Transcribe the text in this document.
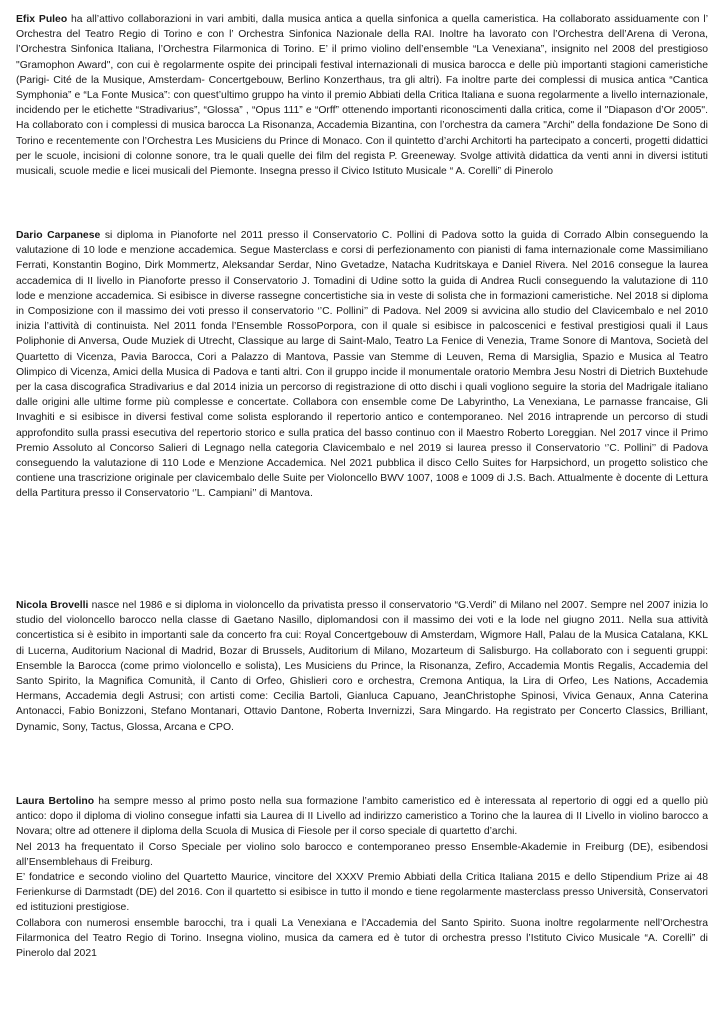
Efix Puleo ha all’attivo collaborazioni in vari ambiti, dalla musica antica a quella sinfonica a quella cameristica. Ha collaborato assiduamente con l’ Orchestra del Teatro Regio di Torino e con l’ Orchestra Sinfonica Nazionale della RAI. Inoltre ha lavorato con l’Orchestra dell’Arena di Verona, l’Orchestra Sinfonica Italiana, l’Orchestra Filarmonica di Torino. E’ il primo violino dell’ensemble “La Venexiana”, insignito nel 2008 del prestigioso "Gramophon Award", con cui è regolarmente ospite dei principali festival internazionali di musica barocca e delle più importanti stagioni cameristiche (Parigi- Cité de la Musique, Amsterdam- Concertgebouw, Berlino Konzerthaus, tra gli altri). Fa inoltre parte dei complessi di musica antica “Cantica Symphonia” e “La Fonte Musica”: con quest’ultimo gruppo ha vinto il premio Abbiati della Critica Italiana e suona regolarmente a livello internazionale, incidendo per le etichette “Stradivarius”, “Glossa” , “Opus 111” e “Orff” ottenendo importanti riconoscimenti dalla critica, come il "Diapason d’Or 2005". Ha collaborato con i complessi di musica barocca La Risonanza, Accademia Bizantina, con l’orchestra da camera "Archi" della fondazione De Sono di Torino e recentemente con l’Orchestra Les Musiciens du Prince di Monaco. Con il quintetto d’archi Architorti ha partecipato a concerti, progetti didattici per le scuole, incisioni di colonne sonore, tra le quali quelle dei film del regista P. Greeneway. Svolge attività didattica da venti anni in diversi istituti musicali, scuole medie e licei musicali del Piemonte. Insegna presso il Civico Istituto Musicale “ A. Corelli” di Pinerolo

Dario Carpanese si diploma in Pianoforte nel 2011 presso il Conservatorio C. Pollini di Padova sotto la guida di Corrado Albin conseguendo la valutazione di 10 lode e menzione accademica. Segue Masterclass e corsi di perfezionamento con pianisti di fama internazionale come Massimiliano Ferrati, Konstantin Bogino, Dirk Mommertz, Aleksandar Serdar, Nino Gvetadze, Natacha Kudritskaya e Daniel Rivera. Nel 2016 consegue la laurea accademica di II livello in Pianoforte presso il Conservatorio J. Tomadini di Udine sotto la guida di Andrea Rucli conseguendo la valutazione di 110 lode e menzione accademica. Si esibisce in diverse rassegne concertistiche sia in veste di solista che in formazioni cameristiche. Nel 2018 si diploma in Composizione con il massimo dei voti presso il conservatorio ‘’C. Pollini’’ di Padova. Nel 2009 si avvicina allo studio del Clavicembalo e nel 2010 inizia l’attività di continuista. Nel 2011 fonda l’Ensemble RossoPorpora, con il quale si esibisce in palcoscenici e festival prestigiosi quali il Laus Poliphonie di Anversa, Oude Muziek di Utrecht, Classique au large di Saint-Malo, Teatro La Fenice di Venezia, Trame Sonore di Mantova, Società del Quartetto di Vicenza, Pavia Barocca, Cori a Palazzo di Mantova, Passie van Stemme di Leuven, Rema di Marsiglia, Spazio e Musica al Teatro Olimpico di Vicenza, Amici della Musica di Padova e tanti altri. Con il gruppo incide il monumentale oratorio Membra Jesu Nostri di Dietrich Buxtehude per la casa discografica Stradivarius e dal 2014 inizia un percorso di registrazione di otto dischi i quali vogliono seguire la storia del Madrigale italiano dalle origini alle ultime forme più complesse e concertate. Collabora con ensemble come De Labyrintho, La Venexiana, Le parnasse francaise, Gli Invaghiti e si esibisce in diversi festival come solista esplorando il repertorio antico e contemporaneo. Nel 2016 intraprende un percorso di studi approfondito sulla prassi esecutiva del repertorio storico e sulla pratica del basso continuo con il Maestro Roberto Loreggian. Nel 2017 vince il Primo Premio Assoluto al Concorso Salieri di Legnago nella categoria Clavicembalo e nel 2019 si laurea presso il Conservatorio ‘’C. Pollini’’ di Padova conseguendo la valutazione di 110 Lode e Menzione Accademica. Nel 2021 pubblica il disco Cello Suites for Harpsichord, un progetto solistico che contiene una trascrizione originale per clavicembalo delle Suite per Violoncello BWV 1007, 1008 e 1009 di J.S. Bach. Attualmente è docente di Lettura della Partitura presso il Conservatorio ‘’L. Campiani’’ di Mantova.

Nicola Brovelli nasce nel 1986 e si diploma in violoncello da privatista presso il conservatorio “G.Verdi” di Milano nel 2007. Sempre nel 2007 inizia lo studio del violoncello barocco nella classe di Gaetano Nasillo, diplomandosi con il massimo dei voti e la lode nel giugno 2011. Nella sua attività concertistica si è esibito in importanti sale da concerto fra cui: Royal Concertgebouw di Amsterdam, Wigmore Hall, Palau de la Musica Catalana, KKL di Lucerna, Auditorium Nacional di Madrid, Bozar di Brussels, Auditorium di Milano, Mozarteum di Salisburgo. Ha collaborato con i seguenti gruppi: Ensemble la Barocca (come primo violoncello e solista), Les Musiciens du Prince, la Risonanza, Zefiro, Accademia Montis Regalis, Accademia del Santo Spirito, la Magnifica Comunità, il Canto di Orfeo, Ghislieri coro e orchestra, Cremona Antiqua, la Lira di Orfeo, Les Nations, Accademia Hermans, Accademia degli Astrusi; con artisti come: Cecilia Bartoli, Gianluca Capuano, JeanChristophe Spinosi, Vivica Genaux, Anna Caterina Antonacci, Fabio Bonizzoni, Stefano Montanari, Ottavio Dantone, Roberta Invernizzi, Sara Mingardo. Ha registrato per Concerto Classics, Brilliant, Dynamic, Sony, Tactus, Glossa, Arcana e CPO.

Laura Bertolino ha sempre messo al primo posto nella sua formazione l’ambito cameristico ed è interessata al repertorio di oggi ed a quello più antico: dopo il diploma di violino consegue infatti sia Laurea di II Livello ad indirizzo cameristico a Torino che la laurea di II Livello in violino barocco a Novara; oltre ad ottenere il diploma della Scuola di Musica di Fiesole per il corso speciale di quartetto d’archi.

Nel 2013 ha frequentato il Corso Speciale per violino solo barocco e contemporaneo presso Ensemble-Akademie in Freiburg (DE), esibendosi all’Ensemblehaus di Freiburg.

E’ fondatrice e secondo violino del Quartetto Maurice, vincitore del XXXV Premio Abbiati della Critica Italiana 2015 e dello Stipendium Prize ai 48 Ferienkurse di Darmstadt (DE) del 2016. Con il quartetto si esibisce in tutto il mondo e tiene regolarmente masterclass presso Università, Conservatori ed istituzioni prestigiose.

Collabora con numerosi ensemble barocchi, tra i quali La Venexiana e l’Accademia del Santo Spirito. Suona inoltre regolarmente nell’Orchestra Filarmonica del Teatro Regio di Torino. Insegna violino, musica da camera ed è tutor di orchestra presso l’Istituto Civico Musicale “A. Corelli” di Pinerolo dal 2021
